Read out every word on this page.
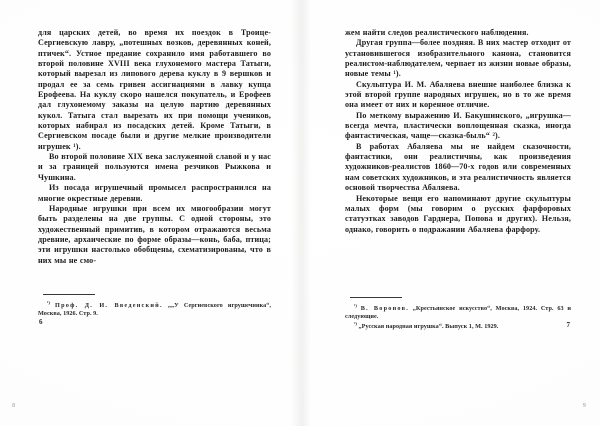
для царских детей, во время их поездок в Троице-Сергиевскую лавру, „потешных возков, деревянных коней, птичек“. Устное предание сохранило имя работавшего во второй половине XVIII века глухонемого мастера Татыги, который вырезал из липового дерева куклу в 9 вершков и продал ее за семь гривен ассигнациями в лавку купца Ерофеева. На куклу скоро нашелся покупатель, и Ерофеев дал глухонемому заказы на целую партию деревянных кукол. Татыга стал вырезать их при помощи учеников, которых набирал из посадских детей. Кроме Татыги, в Сергиевском посаде были и другие мелкие производители игрушек ¹).

Во второй половине XIX века заслуженной славой и у нас и за границей пользуются имена резчиков Рыжкова и Чушкина.

Из посада игрушечный промысел распространился на многие окрестные деревни.

Народные игрушки при всем их многообразии могут быть разделены на две группы. С одной стороны, это художественный примитив, в котором отражаются весьма древние, архаические по форме образы—конь, баба, птица; эти игрушки настолько обобщены, схематизированы, что в них мы не смо-

$^{^1)}$ Проф. Д. И. Введенский. „„У Сергиевского игрушечника“, Москва, 1926. Стр. 9.

6

жем найти следов реалистического наблюдения.

Другая группа—более поздняя. В них мастер отходит от установившегося изобразительного канона, становится реалистом-наблюдателем, черпает из жизни новые образы, новые темы ¹).

Скульптура И. М. Абаляева внешне наиболее близка к этой второй группе народных игрушек, но в то же время она имеет от них и коренное отличие.

По меткому выражению И. Бакушинского, „игрушка—всегда мечта, пластически воплощенная сказка, иногда фантастическая, чаще—сказка-быль“ ²).

В работах Абаляева мы не найдем сказочности, фантастики, они реалистичны, как произведения художников-реалистов 1860—70-х годов или современных нам советских художников, и эта реалистичность является основой творчества Абаляева.

Некоторые вещи его напоминают другие скульптуры малых форм (мы говорим о русских фарфоровых статуэтках заводов Гарднера, Попова и других). Нельзя, однако, говорить о подражании Абаляева фарфору.

$^{^1)}$ В. Воронов. „Крестьянское искусство“, Москва, 1924. Стр. 63 и следующие.

$^{^2)}$ „Русская народная игрушка“. Выпуск 1, М. 1929.	7
8	9
